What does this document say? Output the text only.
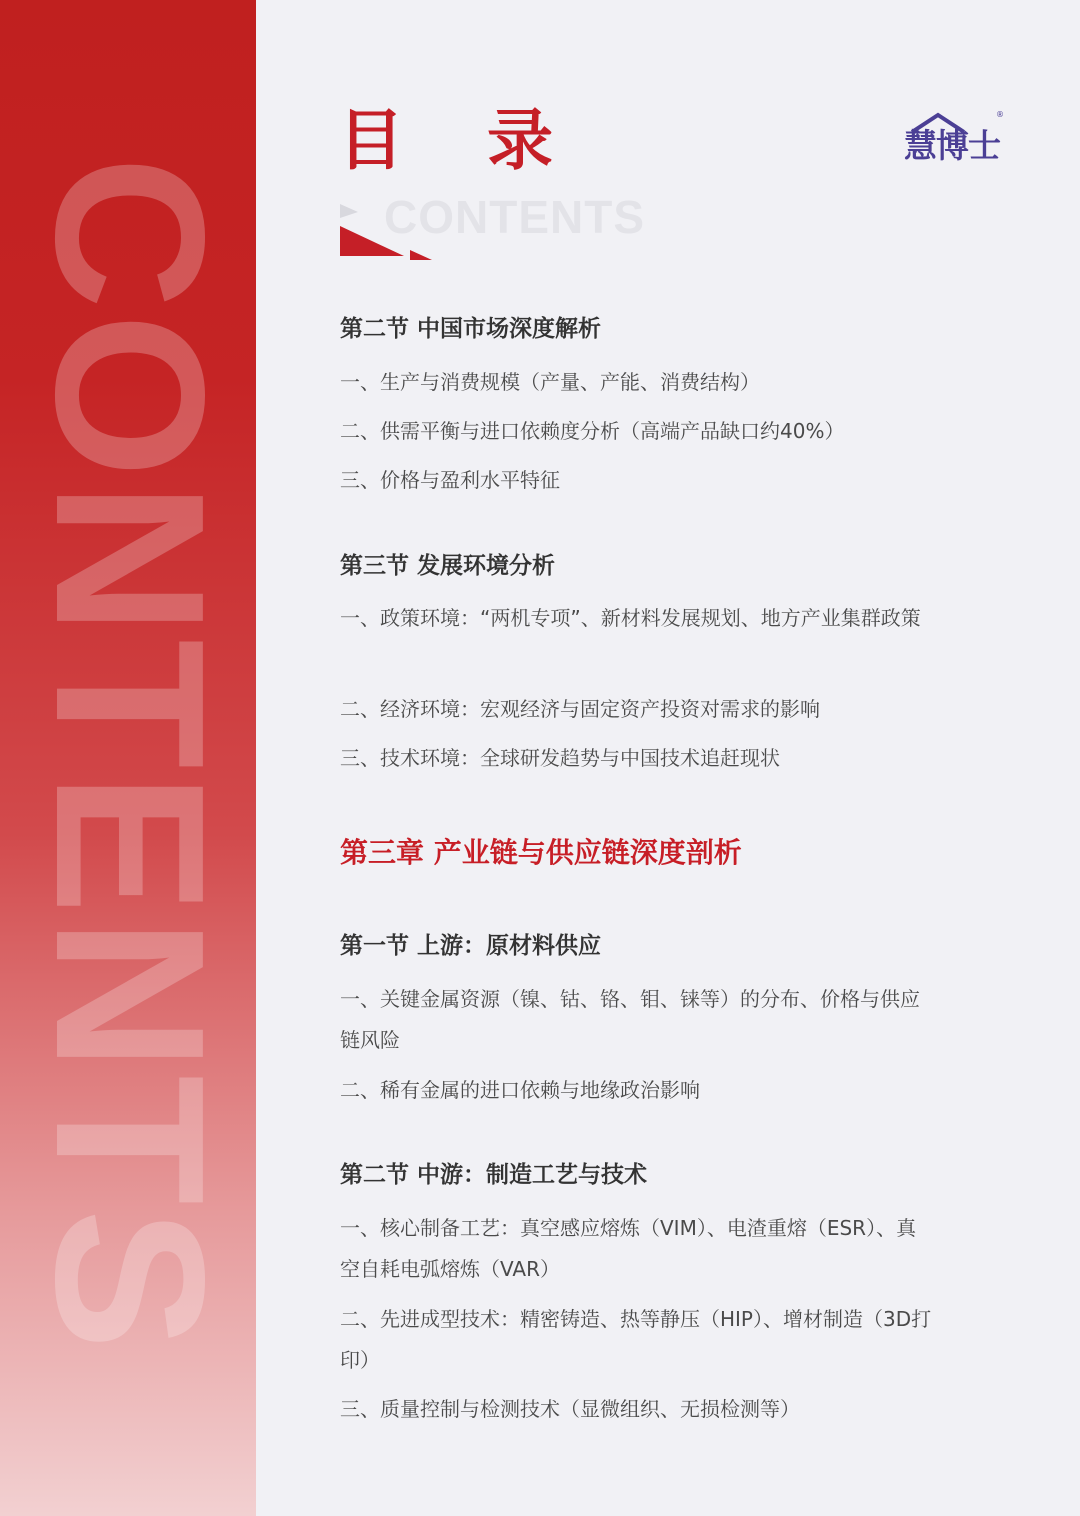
CONTENTS
目 录
CONTENTS
慧博士
®
第二节 中国市场深度解析
一、生产与消费规模（产量、产能、消费结构）
二、供需平衡与进口依赖度分析（高端产品缺口约40%）
三、价格与盈利水平特征
第三节 发展环境分析
一、政策环境：“两机专项”、新材料发展规划、地方产业集群政策
二、经济环境：宏观经济与固定资产投资对需求的影响
三、技术环境：全球研发趋势与中国技术追赶现状
第三章 产业链与供应链深度剖析
第一节 上游：原材料供应
一、关键金属资源（镍、钴、铬、钼、铼等）的分布、价格与供应链风险
二、稀有金属的进口依赖与地缘政治影响
第二节 中游：制造工艺与技术
一、核心制备工艺：真空感应熔炼（VIM）、电渣重熔（ESR）、真空自耗电弧熔炼（VAR）
二、先进成型技术：精密铸造、热等静压（HIP）、增材制造（3D打印）
三、质量控制与检测技术（显微组织、无损检测等）
